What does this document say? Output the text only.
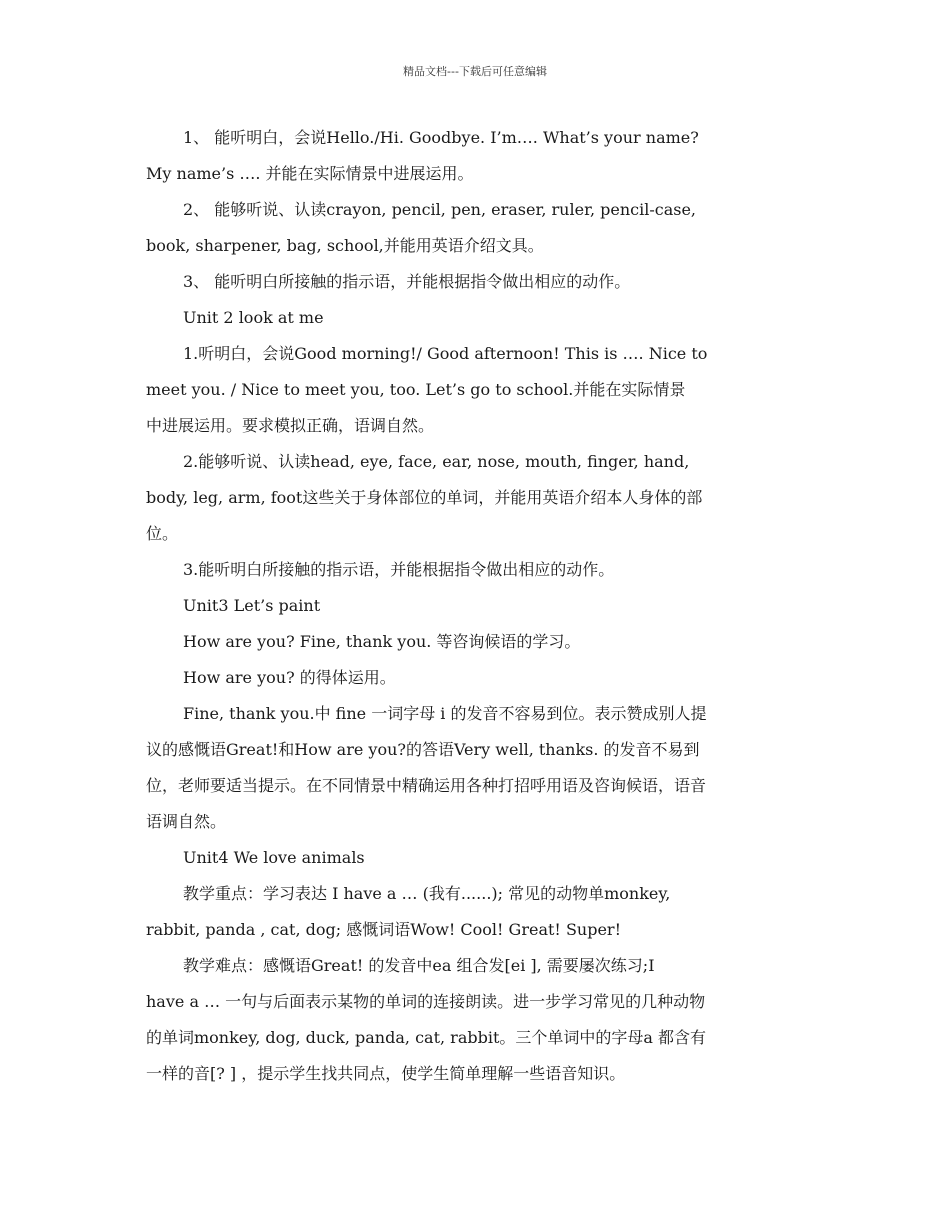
精品文档---下载后可任意编辑
1、 能听明白，会说Hello./Hi. Goodbye. I’m…. What’s your name?
My name’s …. 并能在实际情景中进展运用。
2、 能够听说、认读crayon, pencil, pen, eraser, ruler, pencil-case,
book, sharpener, bag, school,并能用英语介绍文具。
3、 能听明白所接触的指示语，并能根据指令做出相应的动作。
Unit 2 look at me
1.听明白，会说Good morning!/ Good afternoon! This is …. Nice to
meet you. / Nice to meet you, too. Let’s go to school.并能在实际情景
中进展运用。要求模拟正确，语调自然。
2.能够听说、认读head, eye, face, ear, nose, mouth, finger, hand,
body, leg, arm, foot这些关于身体部位的单词，并能用英语介绍本人身体的部
位。
3.能听明白所接触的指示语，并能根据指令做出相应的动作。
Unit3 Let’s paint
How are you? Fine, thank you. 等咨询候语的学习。
How are you? 的得体运用。
Fine, thank you.中 fine 一词字母 i 的发音不容易到位。表示赞成别人提
议的感慨语Great!和How are you?的答语Very well, thanks. 的发音不易到
位，老师要适当提示。在不同情景中精确运用各种打招呼用语及咨询候语，语音
语调自然。
Unit4 We love animals
教学重点：学习表达 I have a … (我有......); 常见的动物单monkey,
rabbit, panda , cat, dog; 感慨词语Wow! Cool! Great! Super!
教学难点：感慨语Great! 的发音中ea 组合发[ei ], 需要屡次练习;I
have a … 一句与后面表示某物的单词的连接朗读。进一步学习常见的几种动物
的单词monkey, dog, duck, panda, cat, rabbit。三个单词中的字母a 都含有
一样的音[? ] ，提示学生找共同点，使学生简单理解一些语音知识。
